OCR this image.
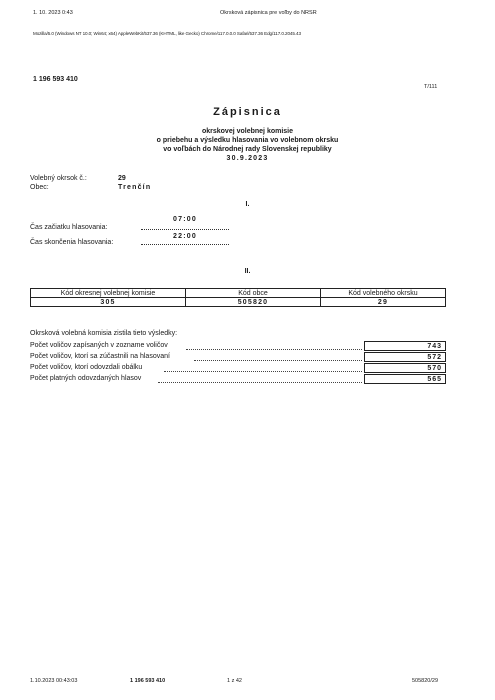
1. 10. 2023 0:43	Okrsková zápisnica pre voľby do NRSR
Mozilla/5.0 (Windows NT 10.0; Win64; x64) AppleWebKit/537.36 (KHTML, like Gecko) Chrome/117.0.0.0 Safari/537.36 Edg/117.0.2045.43
1 196 593 410
T/111
Zápisnica
okrskovej volebnej komisie
o priebehu a výsledku hlasovania vo volebnom okrsku
vo voľbách do Národnej rady Slovenskej republiky
30.9.2023
Volebný okrsok č.:	29
Obec:	Trenčín
I.
Čas začiatku hlasovania:
07:00
Čas skončenia hlasovania:
22:00
II.
Kód okresnej volebnej komisie	Kód obce	Kód volebného okrsku
305	505820	29
Okrsková volebná komisia zistila tieto výsledky:
Počet voličov zapísaných v zozname voličov	743
Počet voličov, ktorí sa zúčastnili na hlasovaní	572
Počet voličov, ktorí odovzdali obálku	570
Počet platných odovzdaných hlasov	565
1.10.2023 00:43:03	1 196 593 410	1 z 42	505820/29
